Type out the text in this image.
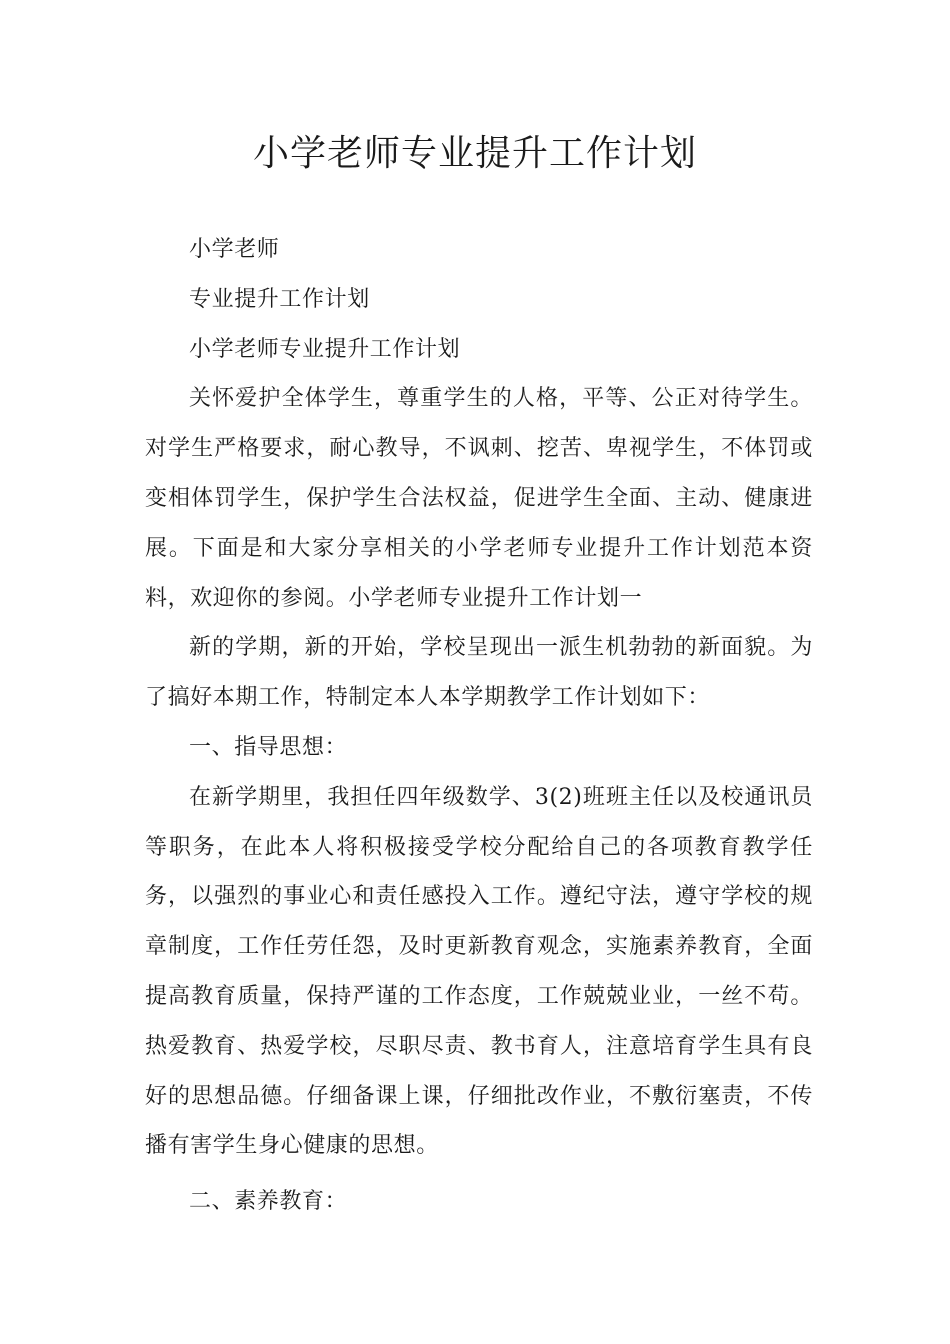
小学老师专业提升工作计划

小学老师

专业提升工作计划

小学老师专业提升工作计划

关怀爱护全体学生，尊重学生的人格，平等、公正对待学生。对学生严格要求，耐心教导，不讽刺、挖苦、卑视学生，不体罚或变相体罚学生，保护学生合法权益，促进学生全面、主动、健康进展。下面是和大家分享相关的小学老师专业提升工作计划范本资料，欢迎你的参阅。小学老师专业提升工作计划一

新的学期，新的开始，学校呈现出一派生机勃勃的新面貌。为了搞好本期工作，特制定本人本学期教学工作计划如下：

一、指导思想：

在新学期里，我担任四年级数学、3(2)班班主任以及校通讯员等职务，在此本人将积极接受学校分配给自己的各项教育教学任务，以强烈的事业心和责任感投入工作。遵纪守法，遵守学校的规章制度，工作任劳任怨，及时更新教育观念，实施素养教育，全面提高教育质量，保持严谨的工作态度，工作兢兢业业，一丝不苟。热爱教育、热爱学校，尽职尽责、教书育人，注意培育学生具有良好的思想品德。仔细备课上课，仔细批改作业，不敷衍塞责，不传播有害学生身心健康的思想。

二、素养教育：
